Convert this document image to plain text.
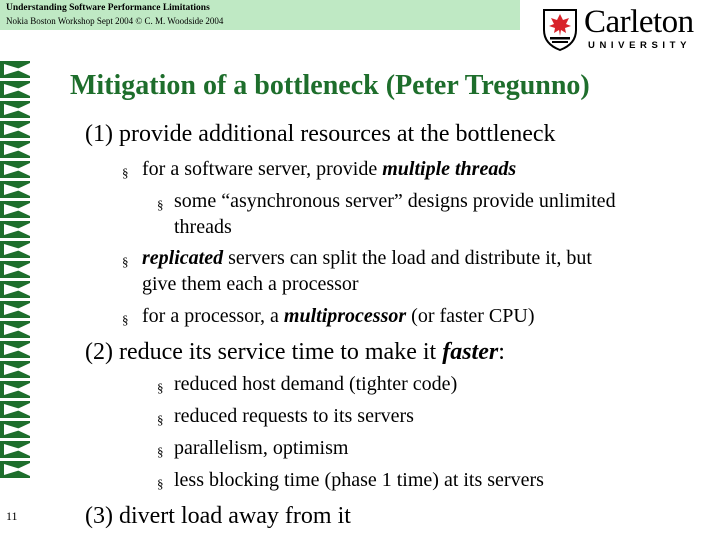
Understanding Software Performance Limitations
Nokia Boston Workshop Sept 2004 © C. M. Woodside 2004	Carleton
UNIVERSITY
Mitigation of a bottleneck (Peter Tregunno)
(1) provide additional resources at the bottleneck
§ for a software server, provide multiple threads
§ some “asynchronous server” designs provide unlimited
threads
§ replicated servers can split the load and distribute it, but
give them each a processor
§ for a processor, a multiprocessor (or faster CPU)
(2) reduce its service time to make it faster:
§ reduced host demand (tighter code)
§ reduced requests to its servers
§ parallelism, optimism
§ less blocking time (phase 1 time) at its servers
(3) divert load away from it
11
